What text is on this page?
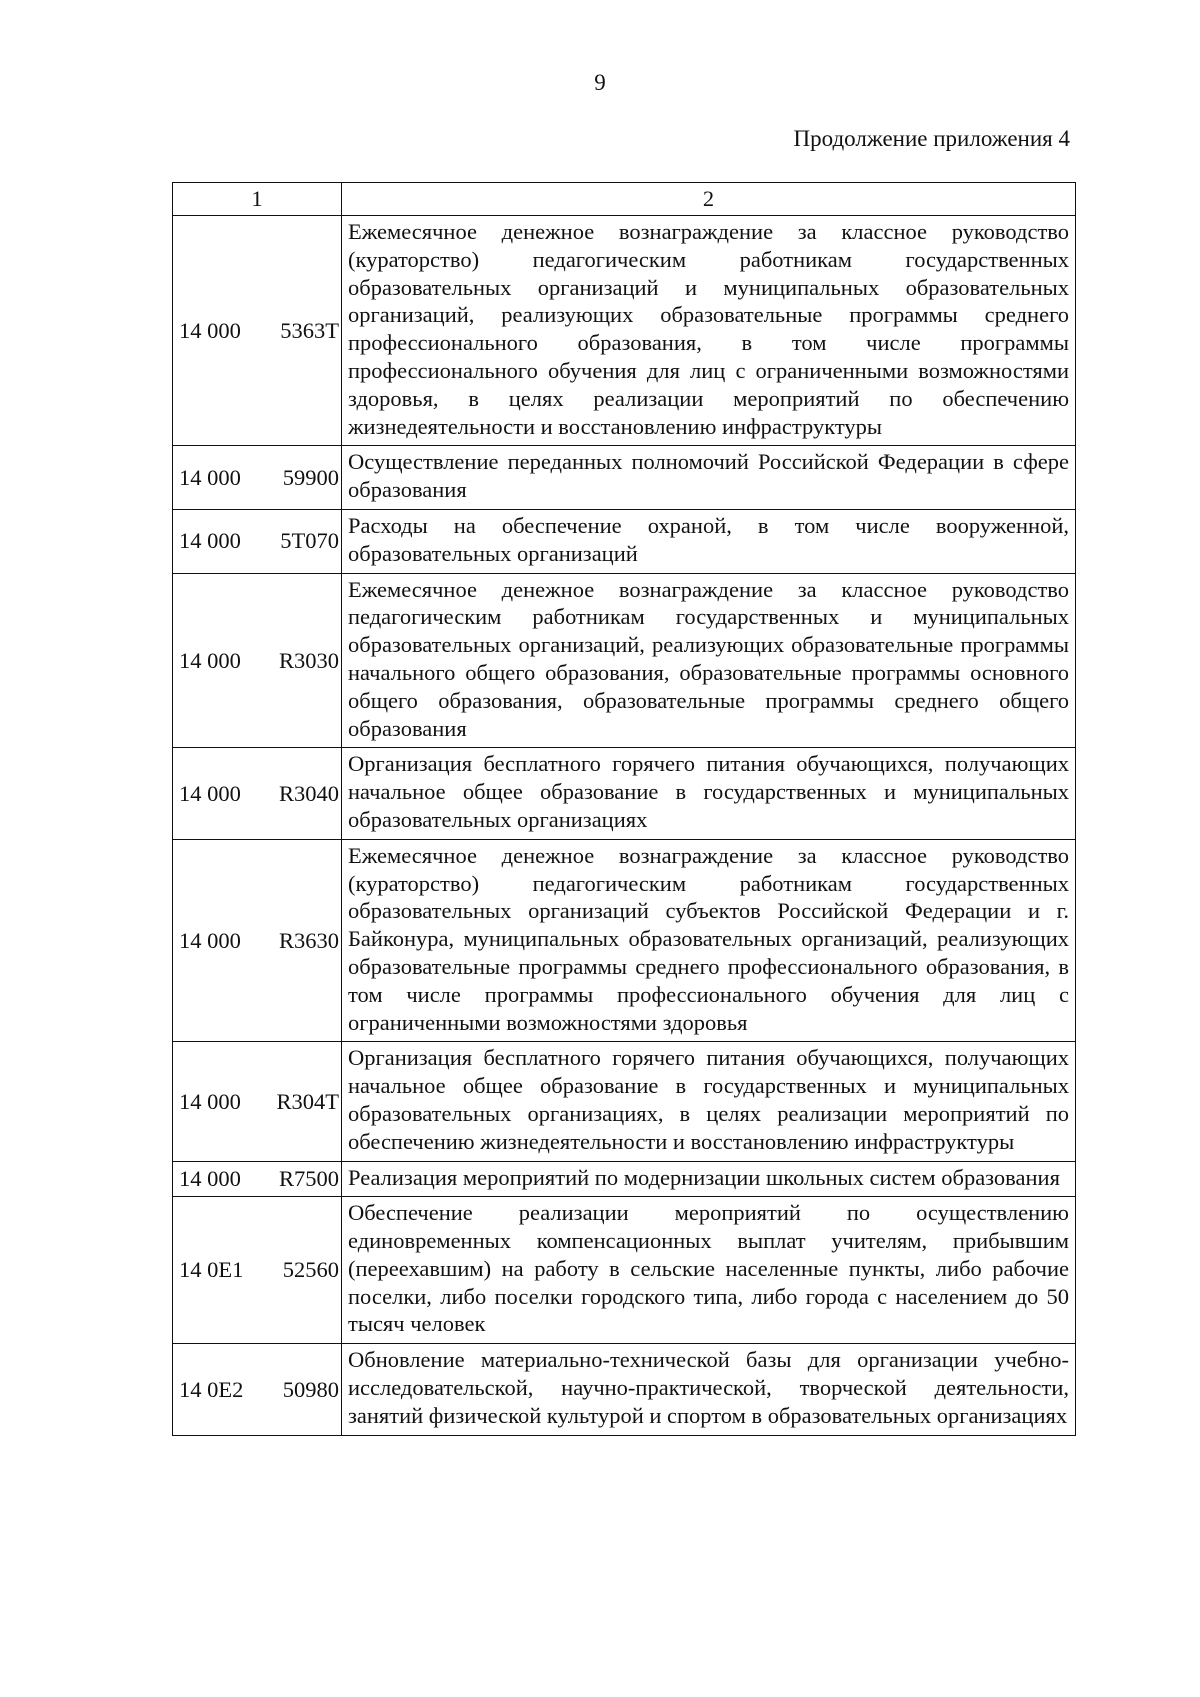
9
Продолжение приложения 4
1	2

14 000 5363Т	Ежемесячное денежное вознаграждение за классное руководство (кураторство) педагогическим работникам государственных образовательных организаций и муниципальных образовательных организаций, реализующих образовательные программы среднего профессионального образования, в том числе программы профессионального обучения для лиц с ограниченными возможностями здоровья, в целях реализации мероприятий по обеспечению жизнедеятельности и восстановлению инфраструктуры

14 000 59900	Осуществление переданных полномочий Российской Федерации в сфере образования

14 000 5Т070	Расходы на обеспечение охраной, в том числе вооруженной, образовательных организаций

14 000 R3030	Ежемесячное денежное вознаграждение за классное руководство педагогическим работникам государственных и муниципальных образовательных организаций, реализующих образовательные программы начального общего образования, образовательные программы основного общего образования, образовательные программы среднего общего образования

14 000 R3040	Организация бесплатного горячего питания обучающихся, получающих начальное общее образование в государственных и муниципальных образовательных организациях

14 000 R3630	Ежемесячное денежное вознаграждение за классное руководство (кураторство) педагогическим работникам государственных образовательных организаций субъектов Российской Федерации и г. Байконура, муниципальных образовательных организаций, реализующих образовательные программы среднего профессионального образования, в том числе программы профессионального обучения для лиц с ограниченными возможностями здоровья

14 000 R304Т	Организация бесплатного горячего питания обучающихся, получающих начальное общее образование в государственных и муниципальных образовательных организациях, в целях реализации мероприятий по обеспечению жизнедеятельности и восстановлению инфраструктуры

14 000 R7500	Реализация мероприятий по модернизации школьных систем образования

14 0Е1 52560	Обеспечение реализации мероприятий по осуществлению единовременных компенсационных выплат учителям, прибывшим (переехавшим) на работу в сельские населенные пункты, либо рабочие поселки, либо поселки городского типа, либо города с населением до 50 тысяч человек

14 0Е2 50980	Обновление материально-технической базы для организации учебно-исследовательской, научно-практической, творческой деятельности, занятий физической культурой и спортом в образовательных организациях
